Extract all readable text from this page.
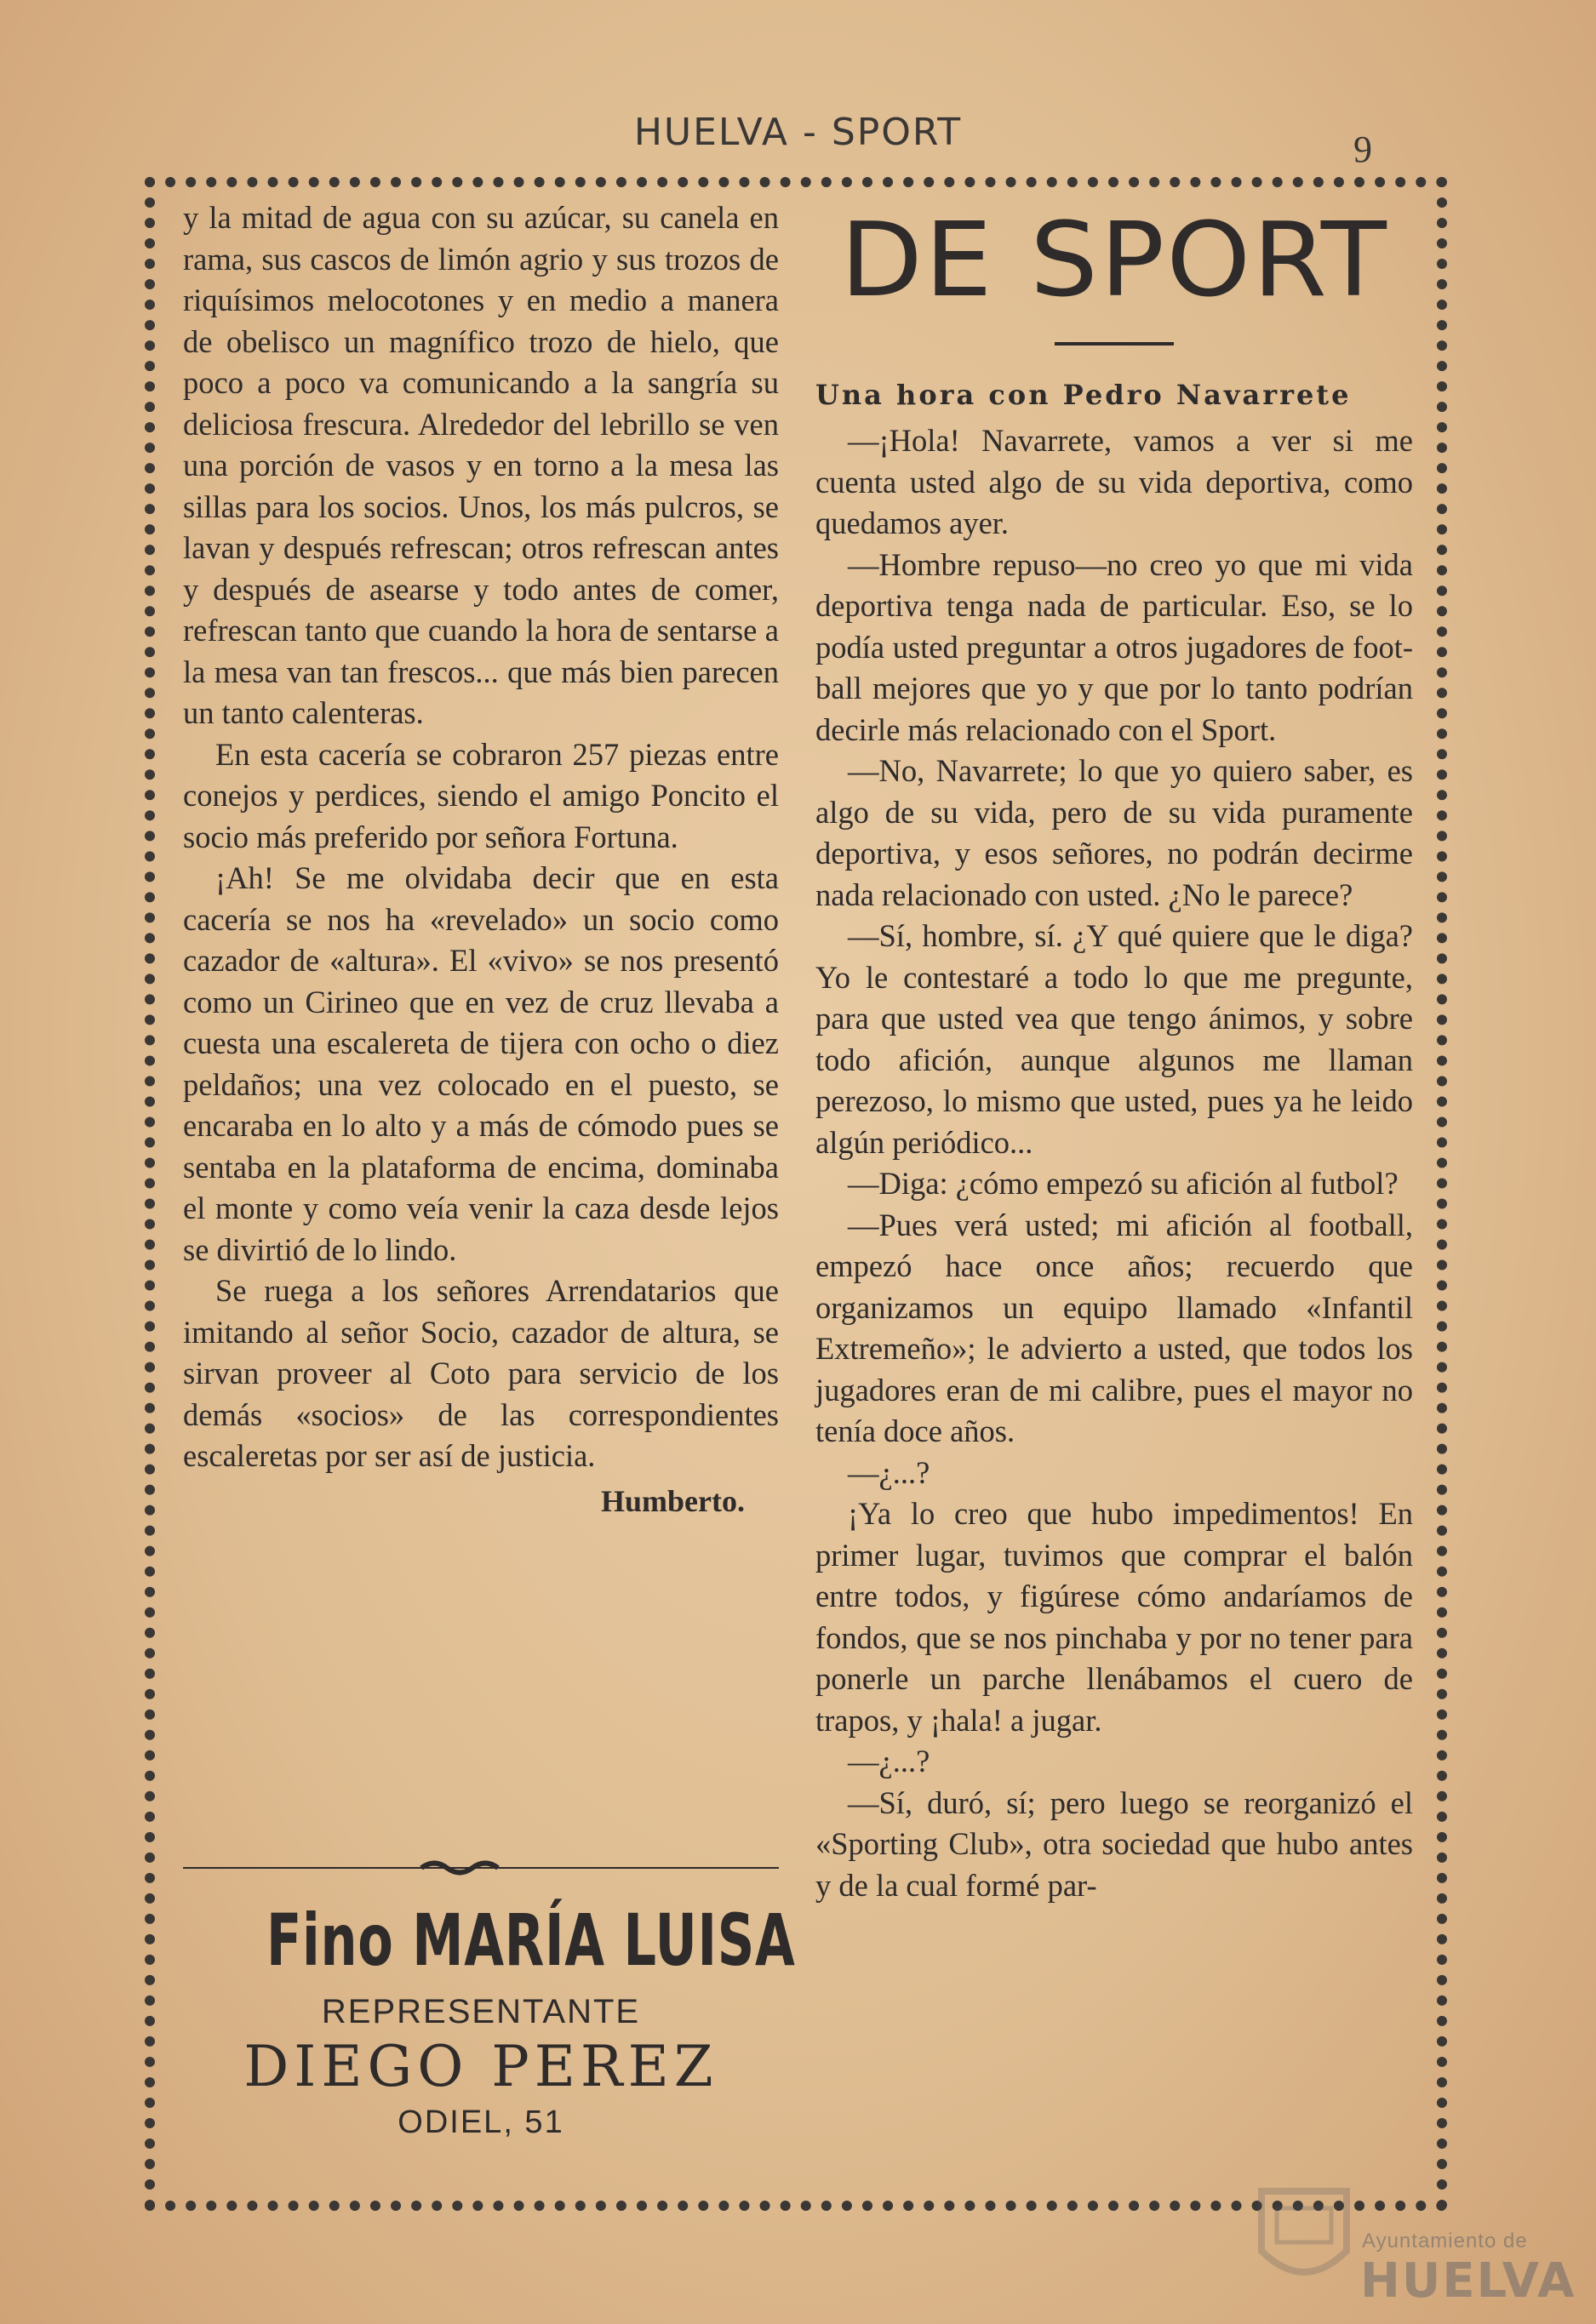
HUELVA - SPORT	9

y la mitad de agua con su azúcar, su canela en rama, sus cascos de limón agrio y sus trozos de riquísimos melocotones y en medio a manera de obelisco un magnífico trozo de hielo, que poco a poco va comunicando a la sangría su deliciosa frescura. Alrededor del lebrillo se ven una porción de vasos y en torno a la mesa las sillas para los socios. Unos, los más pulcros, se lavan y después refrescan; otros refrescan antes y después de asearse y todo antes de comer, refrescan tanto que cuando la hora de sentarse a la mesa van tan frescos... que más bien parecen un tanto calenteras.

En esta cacería se cobraron 257 piezas entre conejos y perdices, siendo el amigo Poncito el socio más preferido por señora Fortuna.

¡Ah! Se me olvidaba decir que en esta cacería se nos ha «revelado» un socio como cazador de «altura». El «vivo» se nos presentó como un Cirineo que en vez de cruz llevaba a cuesta una escalereta de tijera con ocho o diez peldaños; una vez colocado en el puesto, se encaraba en lo alto y a más de cómodo pues se sentaba en la plataforma de encima, dominaba el monte y como veía venir la caza desde lejos se divirtió de lo lindo.

Se ruega a los señores Arrendatarios que imitando al señor Socio, cazador de altura, se sirvan proveer al Coto para servicio de los demás «socios» de las correspondientes escaleretas por ser así de justicia.

Humberto.

Fino MARÍA LUISA

REPRESENTANTE

DIEGO PEREZ

ODIEL, 51

DE SPORT
Una hora con Pedro Navarrete

—¡Hola! Navarrete, vamos a ver si me cuenta usted algo de su vida deportiva, como quedamos ayer.

—Hombre repuso—no creo yo que mi vida deportiva tenga nada de particular. Eso, se lo podía usted preguntar a otros jugadores de foot-ball mejores que yo y que por lo tanto podrían decirle más relacionado con el Sport.

—No, Navarrete; lo que yo quiero saber, es algo de su vida, pero de su vida puramente deportiva, y esos señores, no podrán decirme nada relacionado con usted. ¿No le parece?

—Sí, hombre, sí. ¿Y qué quiere que le diga? Yo le contestaré a todo lo que me pregunte, para que usted vea que tengo ánimos, y sobre todo afición, aunque algunos me llaman perezoso, lo mismo que usted, pues ya he leido algún periódico...

—Diga: ¿cómo empezó su afición al futbol?

—Pues verá usted; mi afición al football, empezó hace once años; recuerdo que organizamos un equipo llamado «Infantil Extremeño»; le advierto a usted, que todos los jugadores eran de mi calibre, pues el mayor no tenía doce años.

—¿...?

¡Ya lo creo que hubo impedimentos! En primer lugar, tuvimos que comprar el balón entre todos, y figúrese cómo andaríamos de fondos, que se nos pinchaba y por no tener para ponerle un parche llenábamos el cuero de trapos, y ¡hala! a jugar.

—¿...?

—Sí, duró, sí; pero luego se reorganizó el «Sporting Club», otra sociedad que hubo antes y de la cual formé par-

Ayuntamiento de
HUELVA
